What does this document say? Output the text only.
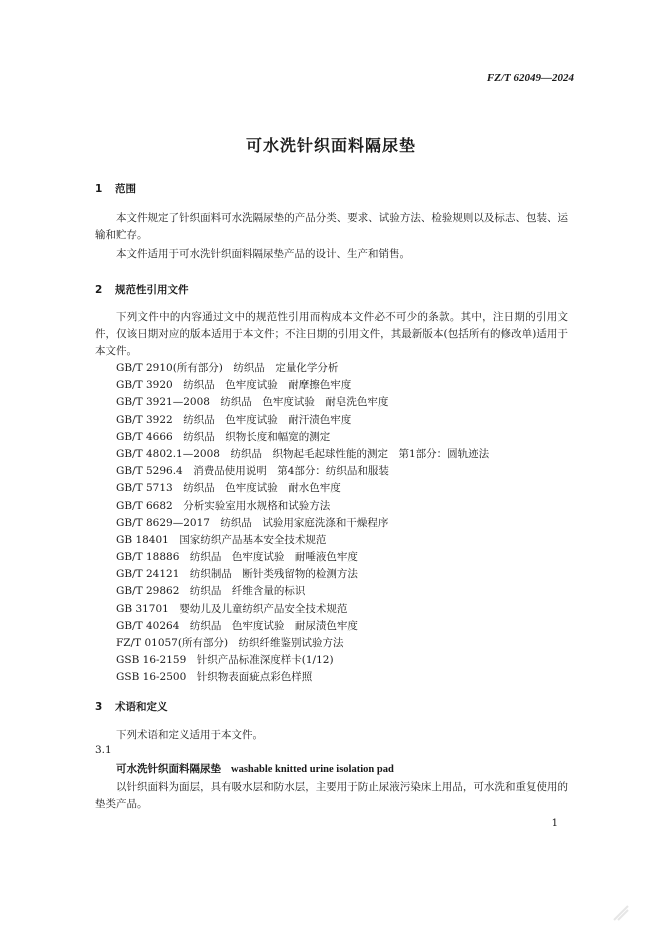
FZ/T 62049—2024
可水洗针织面料隔尿垫
1 范围
本文件规定了针织面料可水洗隔尿垫的产品分类、要求、试验方法、检验规则以及标志、包装、运输和贮存。
本文件适用于可水洗针织面料隔尿垫产品的设计、生产和销售。
2 规范性引用文件
下列文件中的内容通过文中的规范性引用而构成本文件必不可少的条款。其中，注日期的引用文件，仅该日期对应的版本适用于本文件；不注日期的引用文件，其最新版本(包括所有的修改单)适用于本文件。
GB/T 2910(所有部分)　纺织品　定量化学分析
GB/T 3920　纺织品　色牢度试验　耐摩擦色牢度
GB/T 3921—2008　纺织品　色牢度试验　耐皂洗色牢度
GB/T 3922　纺织品　色牢度试验　耐汗渍色牢度
GB/T 4666　纺织品　织物长度和幅宽的测定
GB/T 4802.1—2008　纺织品　织物起毛起球性能的测定　第1部分：圆轨迹法
GB/T 5296.4　消费品使用说明　第4部分：纺织品和服装
GB/T 5713　纺织品　色牢度试验　耐水色牢度
GB/T 6682　分析实验室用水规格和试验方法
GB/T 8629—2017　纺织品　试验用家庭洗涤和干燥程序
GB 18401　国家纺织产品基本安全技术规范
GB/T 18886　纺织品　色牢度试验　耐唾液色牢度
GB/T 24121　纺织制品　断针类残留物的检测方法
GB/T 29862　纺织品　纤维含量的标识
GB 31701　婴幼儿及儿童纺织产品安全技术规范
GB/T 40264　纺织品　色牢度试验　耐尿渍色牢度
FZ/T 01057(所有部分)　纺织纤维鉴别试验方法
GSB 16-2159　针织产品标准深度样卡(1/12)
GSB 16-2500　针织物表面疵点彩色样照
3 术语和定义
下列术语和定义适用于本文件。
3.1
可水洗针织面料隔尿垫 washable knitted urine isolation pad
以针织面料为面层，具有吸水层和防水层，主要用于防止尿液污染床上用品，可水洗和重复使用的垫类产品。
1
